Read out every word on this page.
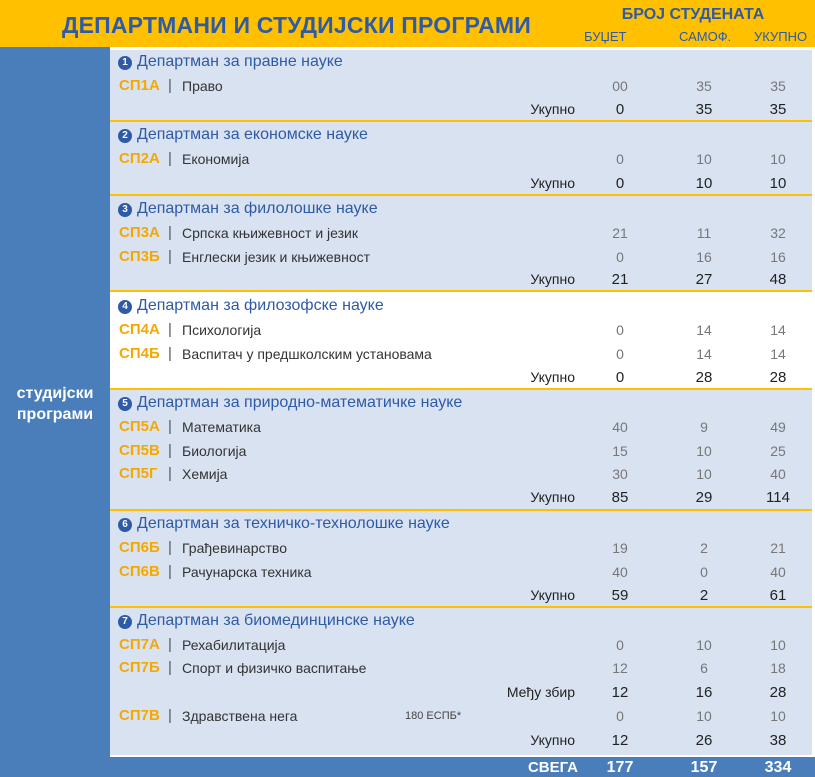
ДЕПАРТМАНИ И СТУДИЈСКИ ПРОГРАМИ	БРОЈ СТУДЕНАТА
БУЏЕТ	САМОФ. УКУПНО
студијски програми
1 Департман за правне науке
СП1А | Право	00	35	35
Укупно	0	35	35
2 Департман за економске науке
СП2А | Економија	0	10	10
Укупно	0	10	10
3 Департман за филолошке науке
СП3А | Српска књижевност и језик	21	11	32
СП3Б | Енглески језик и књижевност	0	16	16
Укупно	21	27	48
4 Департман за филозофске науке
СП4А | Психологија	0	14	14
СП4Б | Васпитач у предшколским установама	0	14	14
Укупно	0	28	28
5 Департман за природно-математичке науке
СП5А | Математика	40	9	49
СП5В | Биологија	15	10	25
СП5Г | Хемија	30	10	40
Укупно	85	29	114
6 Департман за техничко-технолошке науке
СП6Б | Грађевинарство	19	2	21
СП6В | Рачунарска техника	40	0	40
Укупно	59	2	61
7 Департман за биомединцинске науке
СП7А | Рехабилитација	0	10	10
СП7Б | Спорт и физичко васпитање	12	6	18
Међу збир	12	16	28
СП7В | Здравствена нега	180 ЕСПБ*	0	10	10
Укупно	12	26	38
СВЕГА	177	157	334
